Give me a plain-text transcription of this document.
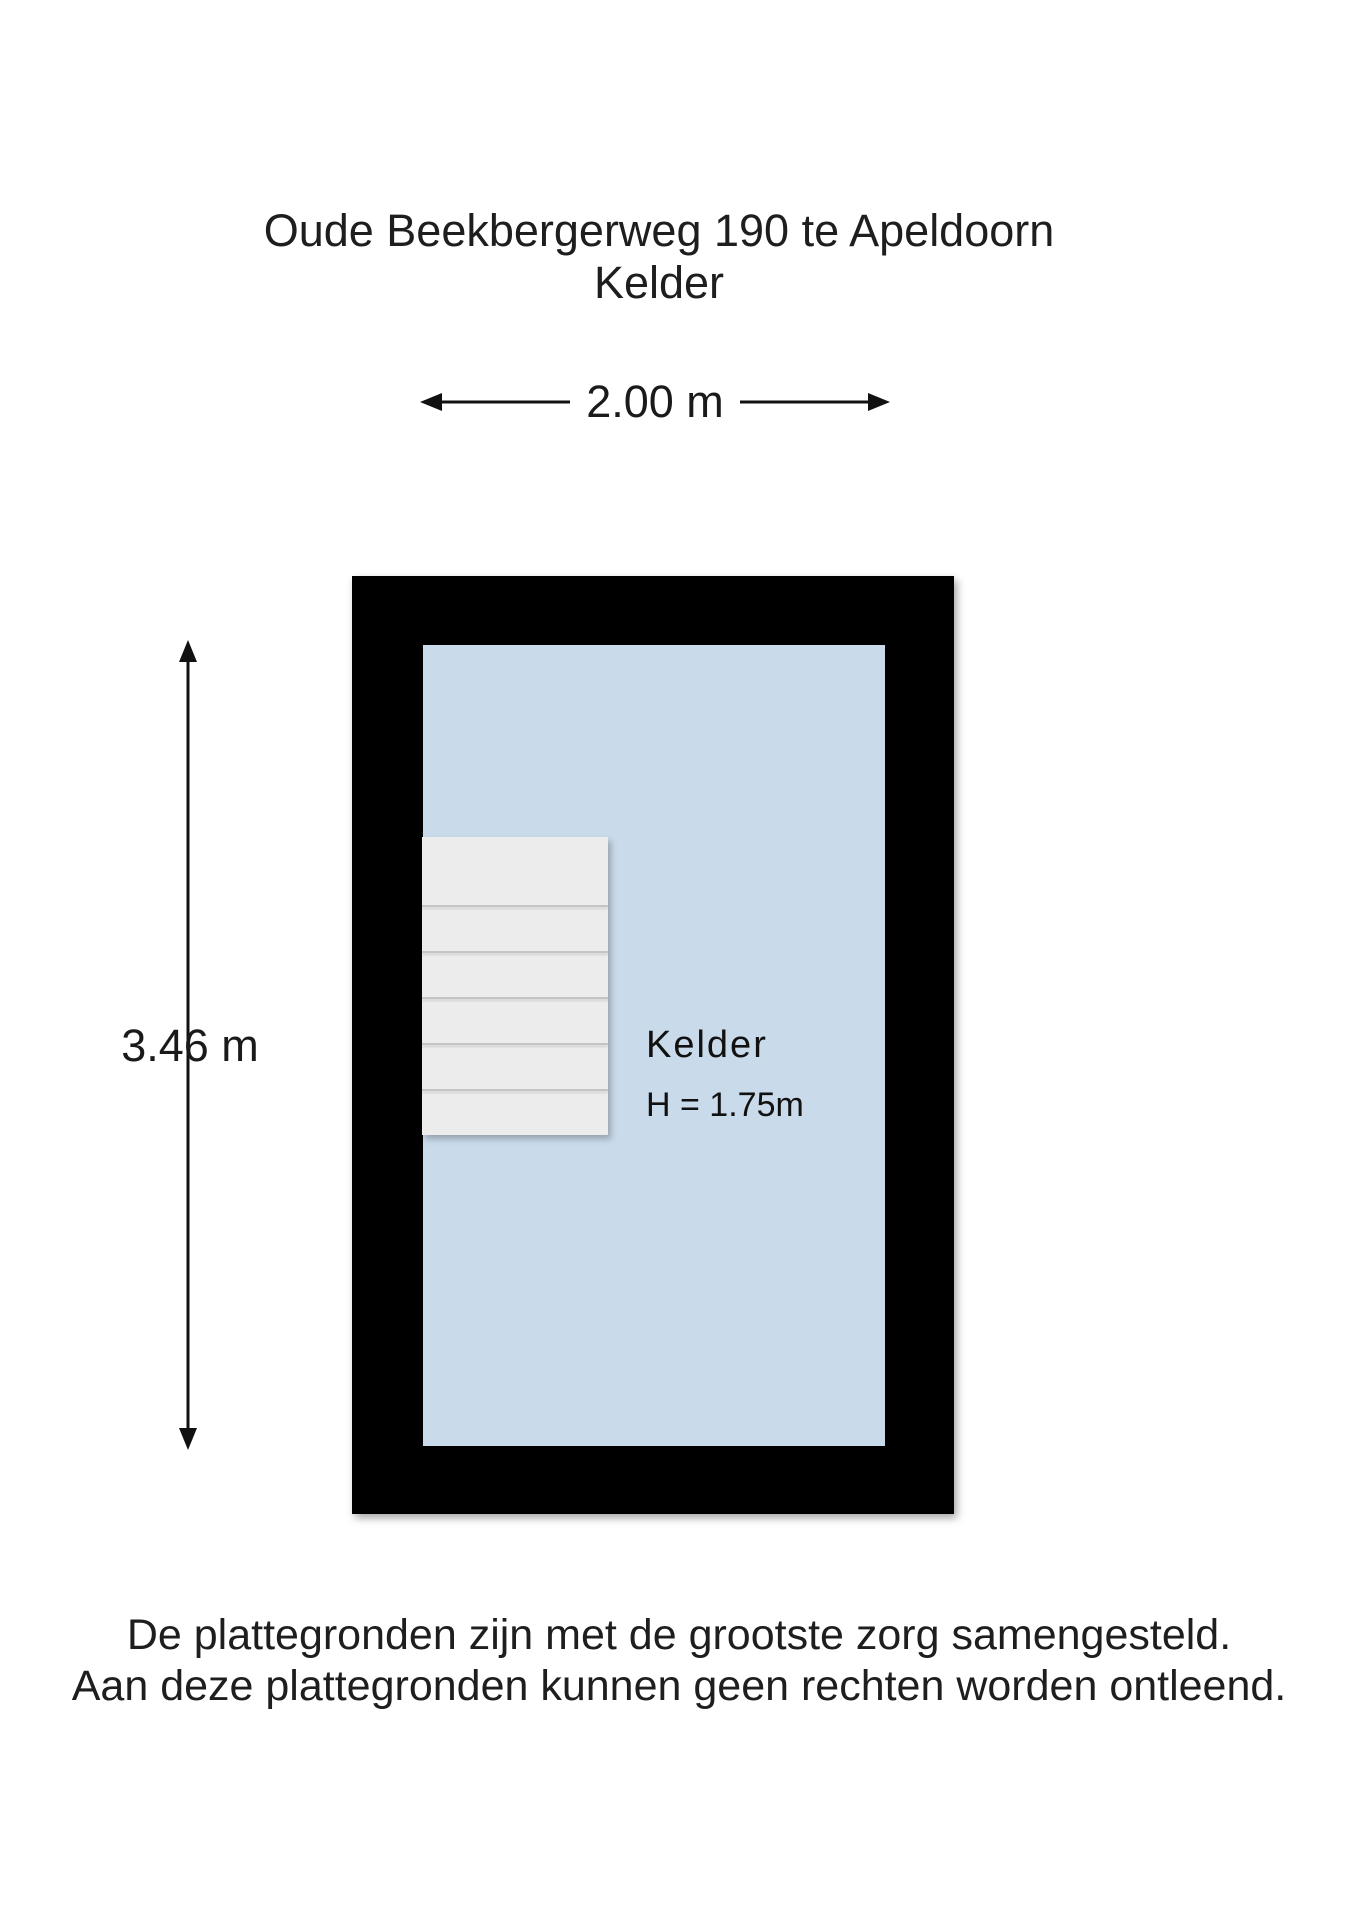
Oude Beekbergerweg 190 te Apeldoorn
Kelder
2.00 m
3.46 m	Kelder
H = 1.75m
De plattegronden zijn met de grootste zorg samengesteld.
Aan deze plattegronden kunnen geen rechten worden ontleend.
